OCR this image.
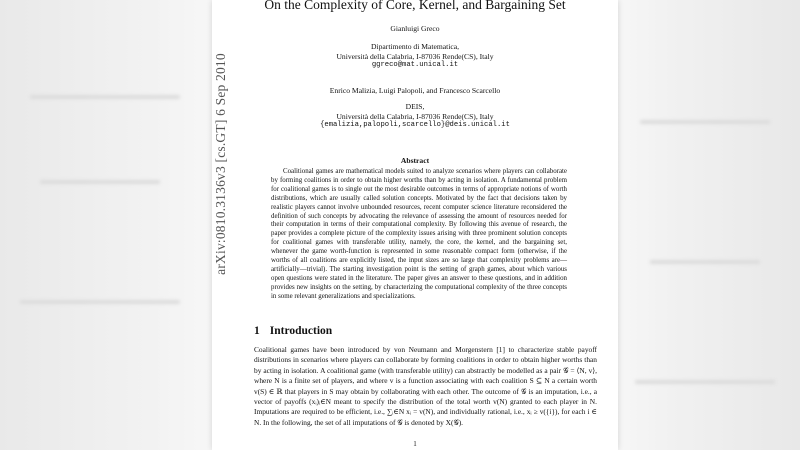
arXiv:0810.3136v3 [cs.GT] 6 Sep 2010
On the Complexity of Core, Kernel, and Bargaining Set
Gianluigi Greco
Dipartimento di Matematica,
Università della Calabria, I-87036 Rende(CS), Italy
ggreco@mat.unical.it
Enrico Malizia, Luigi Palopoli, and Francesco Scarcello
DEIS,
Università della Calabria, I-87036 Rende(CS), Italy
{emalizia,palopoli,scarcello}@deis.unical.it
Abstract
Coalitional games are mathematical models suited to analyze scenarios where players can collaborate by forming coalitions in order to obtain higher worths than by acting in isolation. A fundamental problem for coalitional games is to single out the most desirable outcomes in terms of appropriate notions of worth distributions, which are usually called solution concepts. Motivated by the fact that decisions taken by realistic players cannot involve unbounded resources, recent computer science literature reconsidered the definition of such concepts by advocating the relevance of assessing the amount of resources needed for their computation in terms of their computational complexity. By following this avenue of research, the paper provides a complete picture of the complexity issues arising with three prominent solution concepts for coalitional games with transferable utility, namely, the core, the kernel, and the bargaining set, whenever the game worth-function is represented in some reasonable compact form (otherwise, if the worths of all coalitions are explicitly listed, the input sizes are so large that complexity problems are—artificially—trivial). The starting investigation point is the setting of graph games, about which various open questions were stated in the literature. The paper gives an answer to these questions, and in addition provides new insights on the setting, by characterizing the computational complexity of the three concepts in some relevant generalizations and specializations.
1 Introduction
Coalitional games have been introduced by von Neumann and Morgenstern [1] to characterize stable payoff distributions in scenarios where players can collaborate by forming coalitions in order to obtain higher worths than by acting in isolation. A coalitional game (with transferable utility) can abstractly be modelled as a pair 𝒢 = ⟨N, v⟩, where N is a finite set of players, and where v is a function associating with each coalition S ⊆ N a certain worth v(S) ∈ ℝ that players in S may obtain by collaborating with each other. The outcome of 𝒢 is an imputation, i.e., a vector of payoffs (xᵢ)ᵢ∈N meant to specify the distribution of the total worth v(N) granted to each player in N. Imputations are required to be efficient, i.e., ∑ᵢ∈N xᵢ = v(N), and individually rational, i.e., xᵢ ≥ v({i}), for each i ∈ N. In the following, the set of all imputations of 𝒢 is denoted by X(𝒢).
1
